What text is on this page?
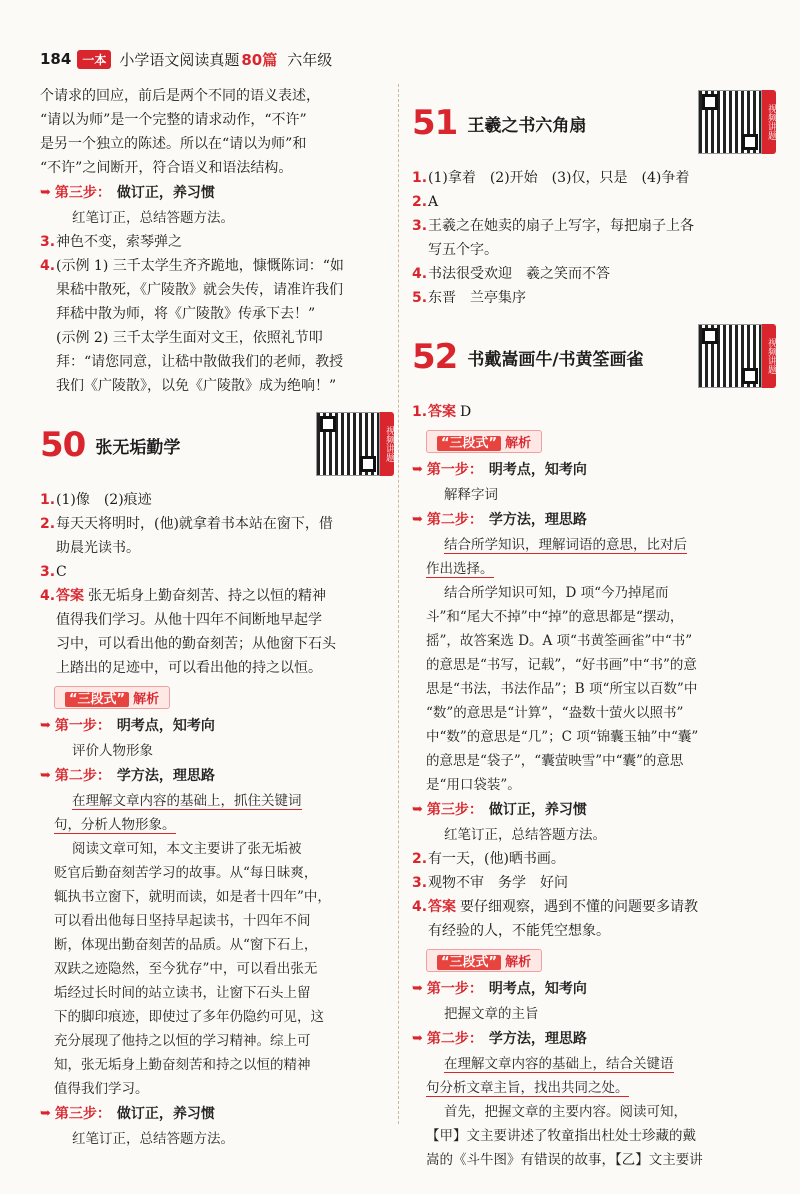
184 一本 小学语文阅读真题 80篇 六年级

个请求的回应，前后是两个不同的语义表述，

“请以为师”是一个完整的请求动作，“不许”

是另一个独立的陈述。所以在“请以为师”和

“不许”之间断开，符合语义和语法结构。

➥ 第三步： 做订正，养习惯

红笔订正，总结答题方法。

3. 神色不变，索琴弹之
4. (示例 1) 三千太学生齐齐跪地，慷慨陈词：“如

果嵇中散死，《广陵散》就会失传，请准许我们

拜嵇中散为师，将《广陵散》传承下去！”

(示例 2) 三千太学生面对文王，依照礼节叩

拜：“请您同意，让嵇中散做我们的老师，教授

我们《广陵散》，以免《广陵散》成为绝响！”

50 张无垢勤学	视频讲题
1. (1)像　(2)痕迹
2. 每天天将明时，(他)就拿着书本站在窗下，借

助晨光读书。

3. C
4. 答案 张无垢身上勤奋刻苦、持之以恒的精神

值得我们学习。从他十四年不间断地早起学

习中，可以看出他的勤奋刻苦；从他窗下石头

上踏出的足迹中，可以看出他的持之以恒。

“三段式” 解析
➥ 第一步： 明考点，知考向

评价人物形象

➥ 第二步： 学方法，理思路

在理解文章内容的基础上，抓住关键词

句，分析人物形象。

阅读文章可知，本文主要讲了张无垢被

贬官后勤奋刻苦学习的故事。从“每日昧爽，

辄执书立窗下，就明而读，如是者十四年”中，

可以看出他每日坚持早起读书，十四年不间

断，体现出勤奋刻苦的品质。从“窗下石上，

双趺之迹隐然，至今犹存”中，可以看出张无

垢经过长时间的站立读书，让窗下石头上留

下的脚印痕迹，即使过了多年仍隐约可见，这

充分展现了他持之以恒的学习精神。综上可

知，张无垢身上勤奋刻苦和持之以恒的精神

值得我们学习。

➥ 第三步： 做订正，养习惯

红笔订正，总结答题方法。

51 王羲之书六角扇	视频讲题
1. (1)拿着　(2)开始　(3)仅，只是　(4)争着
2. A
3. 王羲之在她卖的扇子上写字，每把扇子上各

写五个字。

4. 书法很受欢迎　羲之笑而不答
5. 东晋　兰亭集序
52 书戴嵩画牛/书黄筌画雀	视频讲题
1. 答案 D
“三段式” 解析
➥ 第一步： 明考点，知考向

解释字词

➥ 第二步： 学方法，理思路

结合所学知识，理解词语的意思，比对后

作出选择。

结合所学知识可知，D 项“今乃掉尾而

斗”和“尾大不掉”中“掉”的意思都是“摆动，

摇”，故答案选 D。A 项“书黄筌画雀”中“书”

的意思是“书写，记载”，“好书画”中“书”的意

思是“书法，书法作品”；B 项“所宝以百数”中

“数”的意思是“计算”，“盎数十萤火以照书”

中“数”的意思是“几”；C 项“锦囊玉轴”中“囊”

的意思是“袋子”，“囊萤映雪”中“囊”的意思

是“用口袋装”。

➥ 第三步： 做订正，养习惯

红笔订正，总结答题方法。

2. 有一天，(他)晒书画。
3. 观物不审　务学　好问
4. 答案 要仔细观察，遇到不懂的问题要多请教

有经验的人，不能凭空想象。

“三段式” 解析
➥ 第一步： 明考点，知考向

把握文章的主旨

➥ 第二步： 学方法，理思路

在理解文章内容的基础上，结合关键语

句分析文章主旨，找出共同之处。

首先，把握文章的主要内容。阅读可知，

【甲】文主要讲述了牧童指出杜处士珍藏的戴

嵩的《斗牛图》有错误的故事，【乙】文主要讲
